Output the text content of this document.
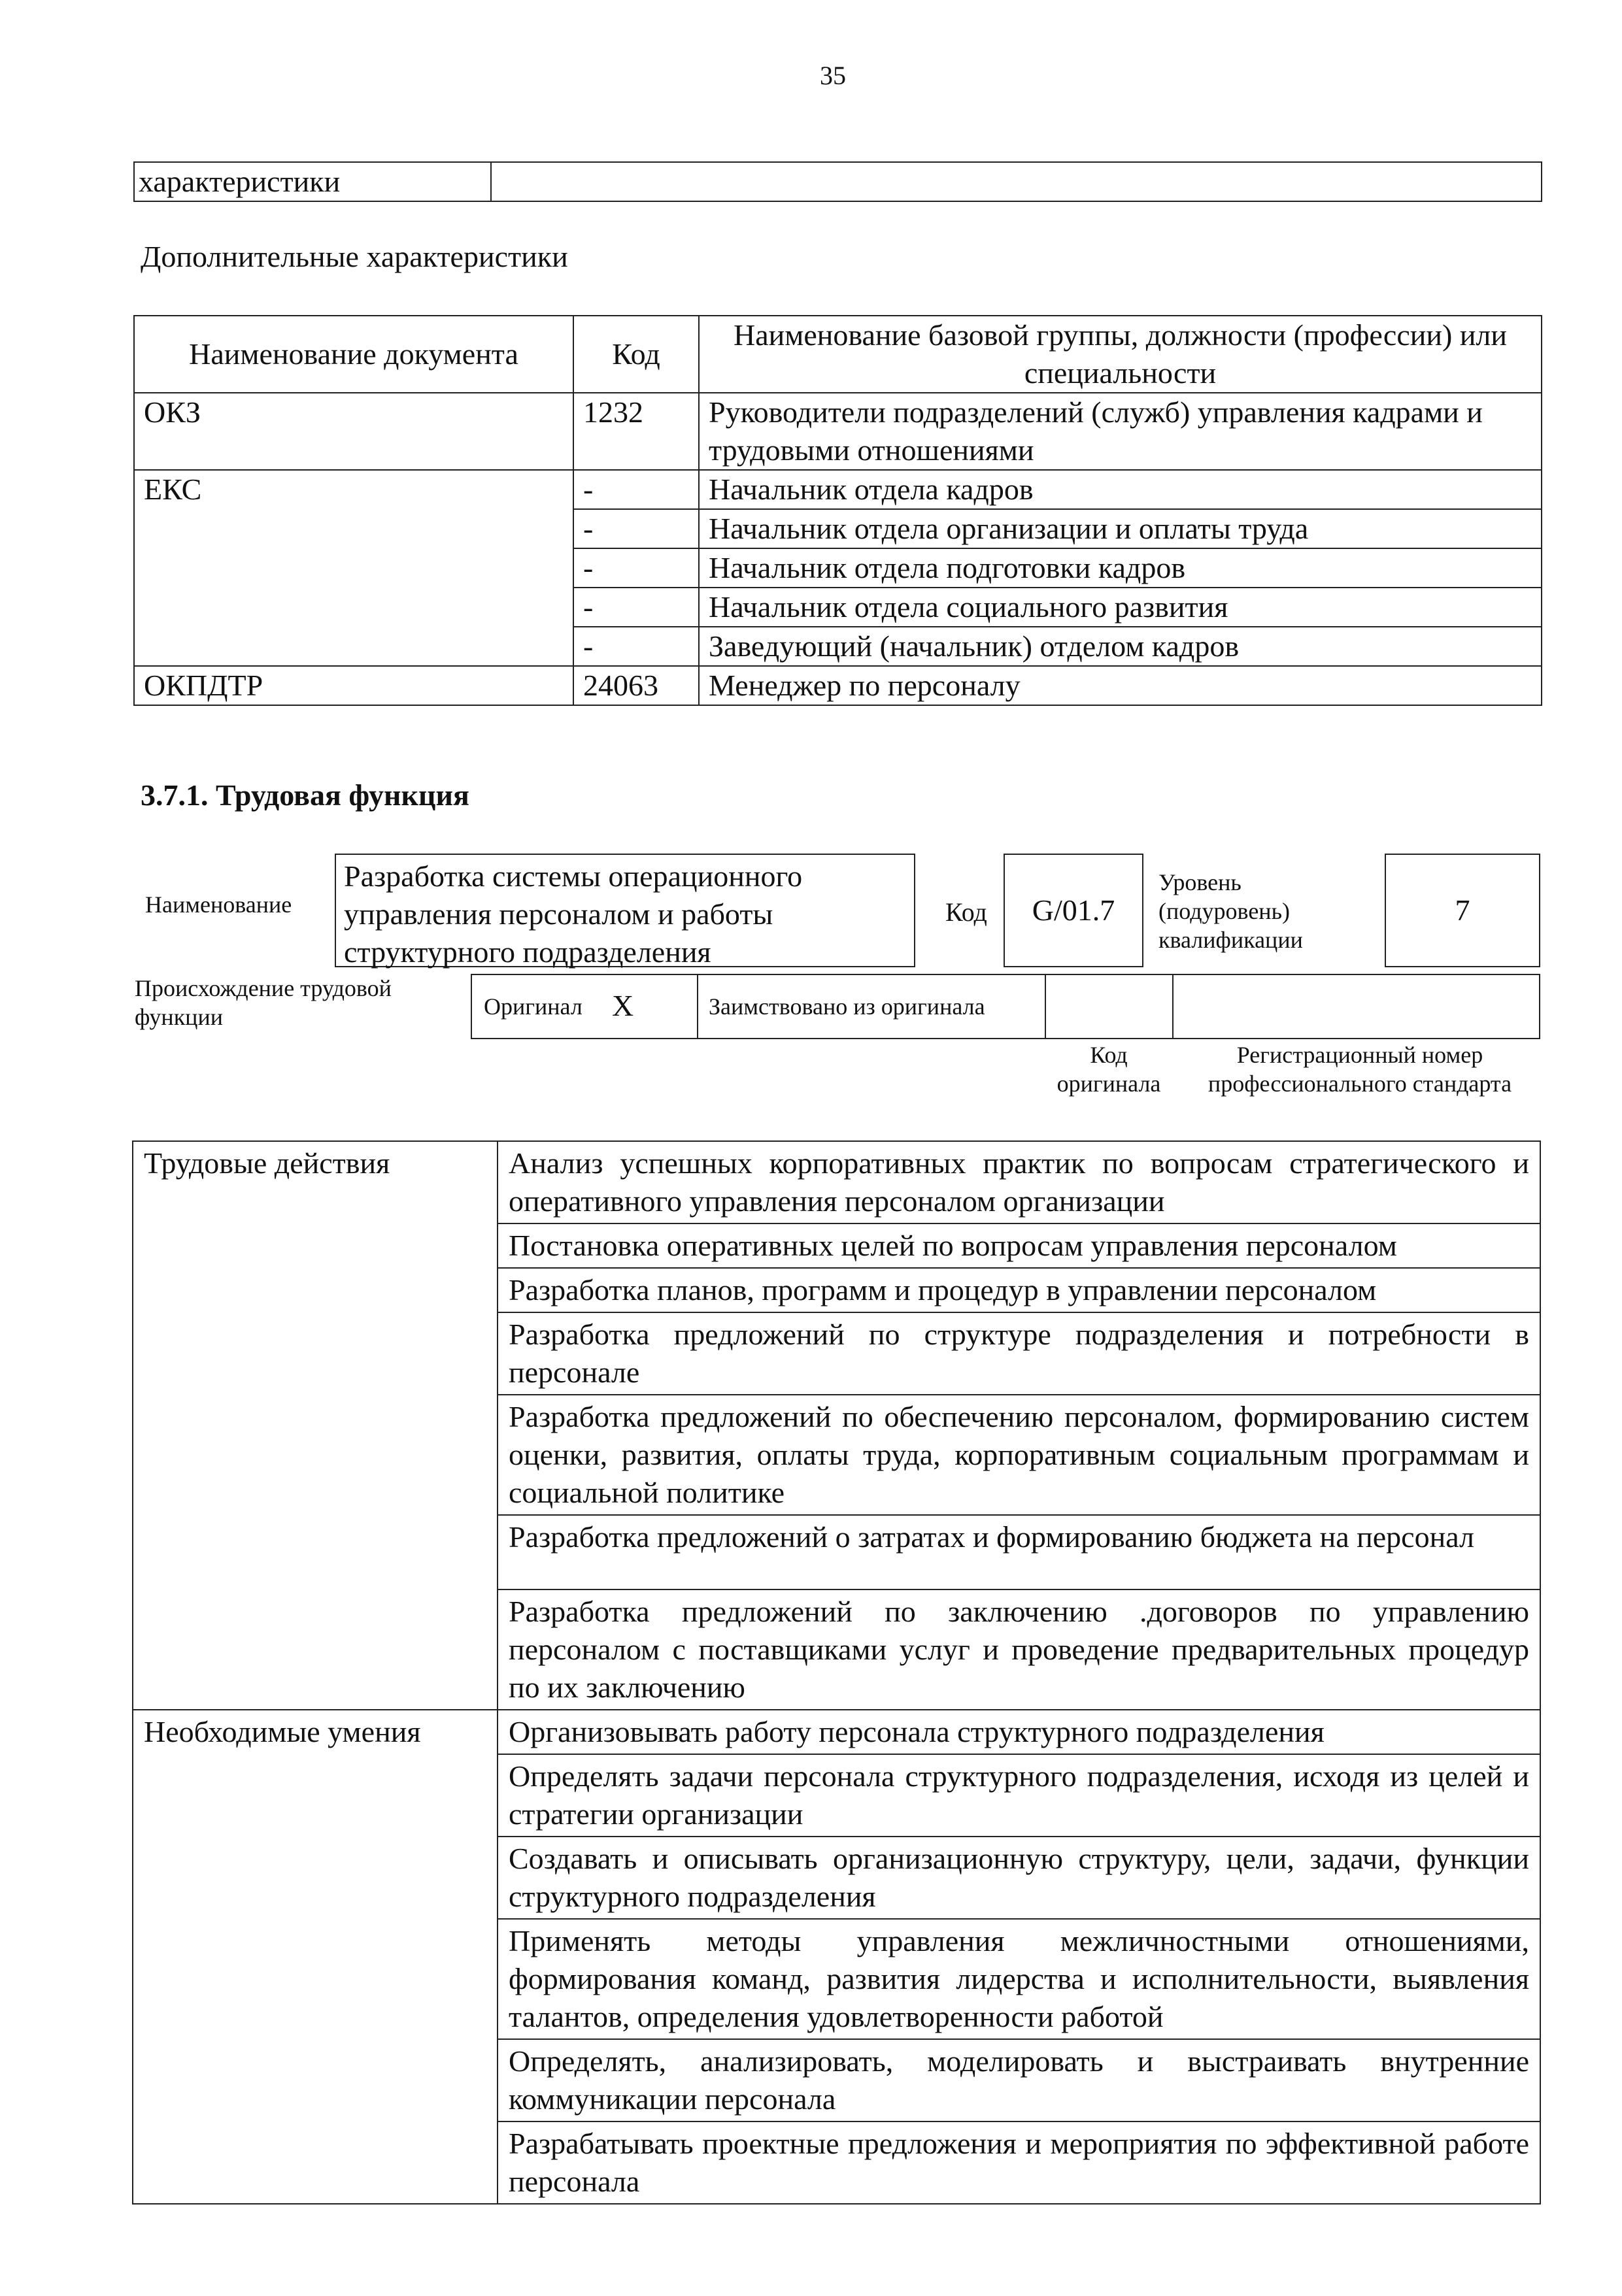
35
характеристики	
Дополнительные характеристики
Наименование документа	Код	Наименование базовой группы, должности (профессии) или специальности
ОКЗ	1232	Руководители подразделений (служб) управления кадрами и трудовыми отношениями
ЕКС	-	Начальник отдела кадров
	-	Начальник отдела организации и оплаты труда
	-	Начальник отдела подготовки кадров
	-	Начальник отдела социального развития
	-	Заведующий (начальник) отделом кадров
ОКПДТР	24063	Менеджер по персоналу
3.7.1. Трудовая функция
Наименование
Разработка системы операционного управления персоналом и работы структурного подразделения
Код G/01.7
Уровень (подуровень) квалификации
7
Происхождение трудовой функции	Оригинал X	Заимствовано из оригинала
Код оригинала
Регистрационный номер профессионального стандарта
Трудовые действия	Анализ успешных корпоративных практик по вопросам стратегического и оперативного управления персоналом организации
	Постановка оперативных целей по вопросам управления персоналом
	Разработка планов, программ и процедур в управлении персоналом
	Разработка предложений по структуре подразделения и потребности в персонале
	Разработка предложений по обеспечению персоналом, формированию систем оценки, развития, оплаты труда, корпоративным социальным программам и социальной политике
	Разработка предложений о затратах и формированию бюджета на персонал
	Разработка предложений по заключению .договоров по управлению персоналом с поставщиками услуг и проведение предварительных процедур по их заключению
Необходимые умения	Организовывать работу персонала структурного подразделения
	Определять задачи персонала структурного подразделения, исходя из целей и стратегии организации
	Создавать и описывать организационную структуру, цели, задачи, функции структурного подразделения
	Применять методы управления межличностными отношениями, формирования команд, развития лидерства и исполнительности, выявления талантов, определения удовлетворенности работой
	Определять, анализировать, моделировать и выстраивать внутренние коммуникации персонала
	Разрабатывать проектные предложения и мероприятия по эффективной работе персонала
